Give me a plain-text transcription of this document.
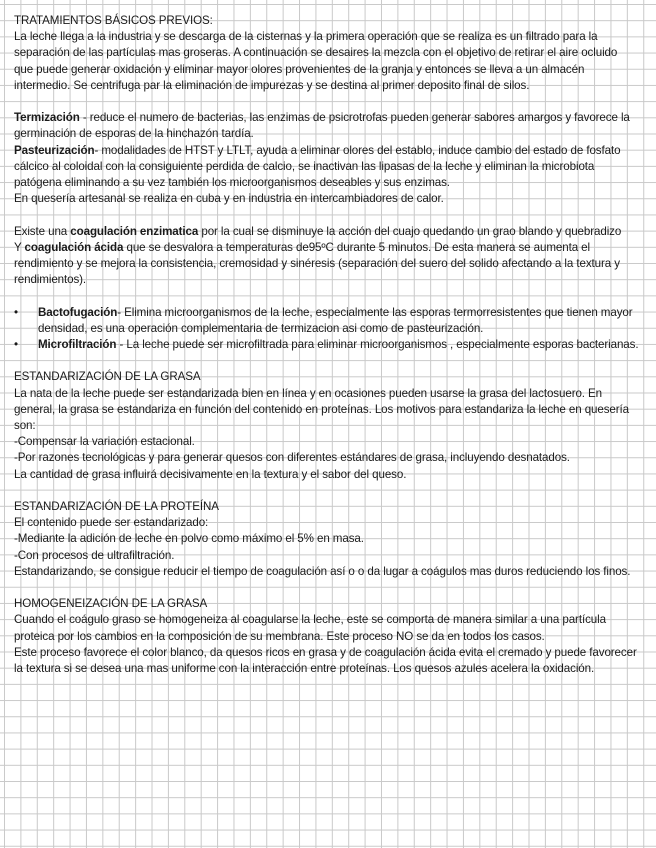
TRATAMIENTOS BÁSICOS PREVIOS:

La leche llega a la industria y se descarga de la cisternas y la primera operación que se realiza es un filtrado para la separación de las partículas mas groseras. A continuación se desaires la mezcla con el objetivo de retirar el aire ocluido que puede generar oxidación y eliminar mayor olores provenientes de la granja y entonces se lleva a un almacén intermedio. Se centrifuga par la eliminación de impurezas y se destina al primer deposito final de silos.

Termización - reduce el numero de bacterias, las enzimas de psicrotrofas pueden generar sabores amargos y favorece la germinación de esporas de la hinchazón tardía.

Pasteurización- modalidades de HTST y LTLT, ayuda a eliminar olores del establo, induce cambio del estado de fosfato cálcico al coloidal con la consiguiente perdida de calcio, se inactivan las lipasas de la leche y eliminan la microbiota patógena eliminando a su vez también los microorganismos deseables y sus enzimas.

En quesería artesanal se realiza en cuba y en industria en intercambiadores de calor.

Existe una coagulación enzimatica por la cual se disminuye la acción del cuajo quedando un grao blando y quebradizo

Y coagulación ácida que se desvalora a temperaturas de95ºC durante 5 minutos. De esta manera se aumenta el rendimiento y se mejora la consistencia, cremosidad y sinéresis (separación del suero del solido afectando a la textura y rendimientos).

• Bactofugación- Elimina microorganismos de la leche, especialmente las esporas termorresistentes que tienen mayor densidad, es una operación complementaria de termizacion asi como de pasteurización.
• Microfiltración - La leche puede ser microfiltrada para eliminar microorganismos , especialmente esporas bacterianas.

ESTANDARIZACIÓN DE LA GRASA

La nata de la leche puede ser estandarizada bien en línea y en ocasiones pueden usarse la grasa del lactosuero. En general, la grasa se estandariza en función del contenido en proteínas. Los motivos para estandariza la leche en quesería son:

-Compensar la variación estacional.

-Por razones tecnológicas y para generar quesos con diferentes estándares de grasa, incluyendo desnatados.

La cantidad de grasa influirá decisivamente en la textura y el sabor del queso.

ESTANDARIZACIÓN DE LA PROTEÍNA

El contenido puede ser estandarizado:

-Mediante la adición de leche en polvo como máximo el 5% en masa.

-Con procesos de ultrafiltración.

Estandarizando, se consigue reducir el tiempo de coagulación así o o da lugar a coágulos mas duros reduciendo los finos.

HOMOGENEIZACIÓN DE LA GRASA

Cuando el coágulo graso se homogeneiza al coagularse la leche, este se comporta de manera similar a una partícula proteica por los cambios en la composición de su membrana. Este proceso NO se da en todos los casos.

Este proceso favorece el color blanco, da quesos ricos en grasa y de coagulación ácida evita el cremado y puede favorecer la textura si se desea una mas uniforme con la interacción entre proteínas. Los quesos azules acelera la oxidación.
